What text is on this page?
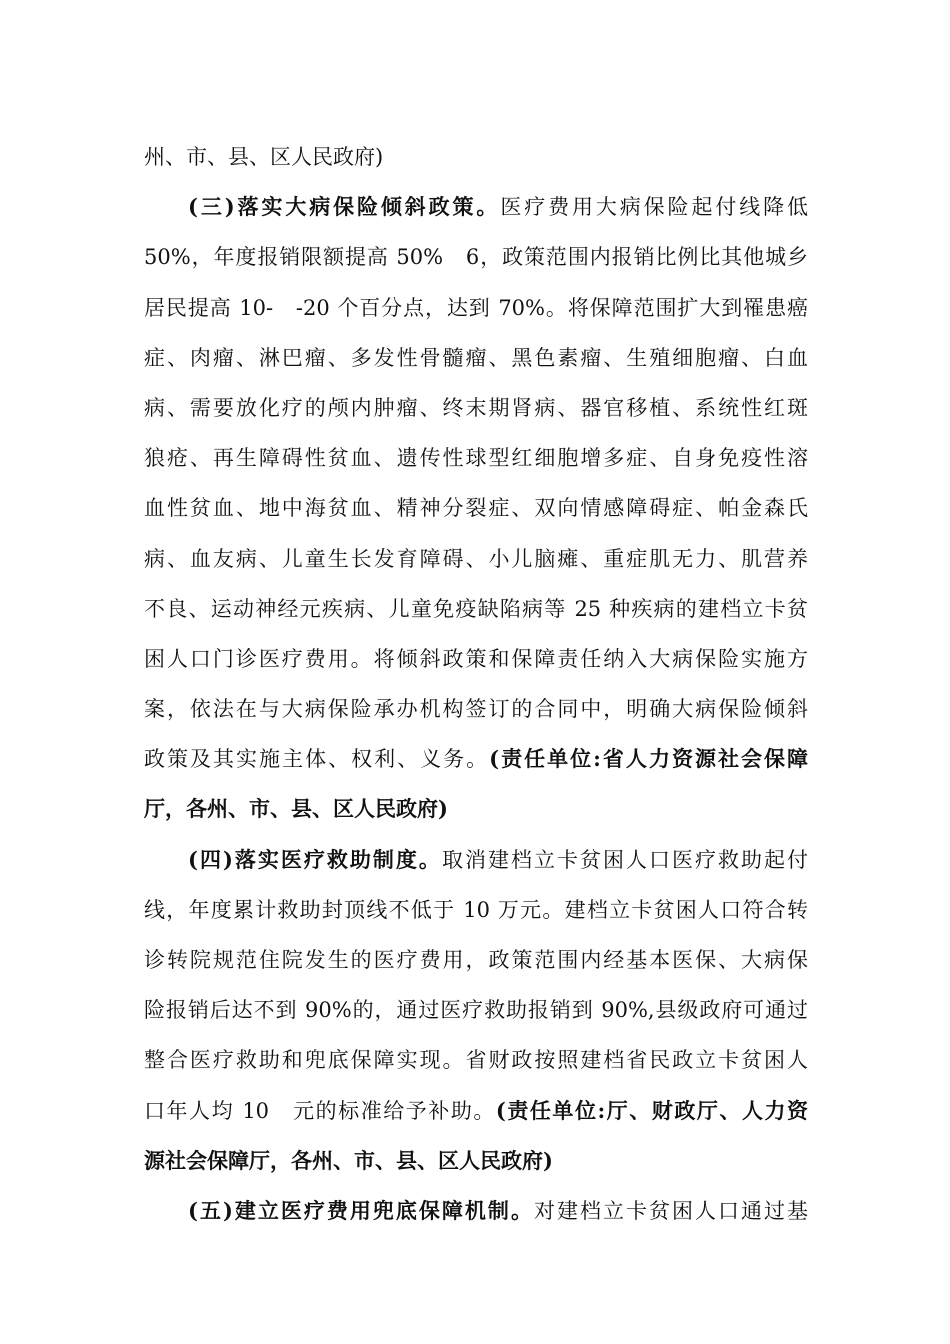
州、市、县、区人民政府)
(三)落实大病保险倾斜政策。医疗费用大病保险起付线降低
50%，年度报销限额提高 50%　6，政策范围内报销比例比其他城乡
居民提高 10-　-20 个百分点，达到 70%。将保障范围扩大到罹患癌
症、肉瘤、淋巴瘤、多发性骨髓瘤、黑色素瘤、生殖细胞瘤、白血
病、需要放化疗的颅内肿瘤、终末期肾病、器官移植、系统性红斑
狼疮、再生障碍性贫血、遗传性球型红细胞增多症、自身免疫性溶
血性贫血、地中海贫血、精神分裂症、双向情感障碍症、帕金森氏
病、血友病、儿童生长发育障碍、小儿脑瘫、重症肌无力、肌营养
不良、运动神经元疾病、儿童免疫缺陷病等 25 种疾病的建档立卡贫
困人口门诊医疗费用。将倾斜政策和保障责任纳入大病保险实施方
案，依法在与大病保险承办机构签订的合同中，明确大病保险倾斜
政策及其实施主体、权利、义务。(责任单位:省人力资源社会保障
厅，各州、市、县、区人民政府)
(四)落实医疗救助制度。取消建档立卡贫困人口医疗救助起付
线，年度累计救助封顶线不低于 10 万元。建档立卡贫困人口符合转
诊转院规范住院发生的医疗费用，政策范围内经基本医保、大病保
险报销后达不到 90%的，通过医疗救助报销到 90%,县级政府可通过
整合医疗救助和兜底保障实现。省财政按照建档省民政立卡贫困人
口年人均 10　元的标准给予补助。(责任单位:厅、财政厅、人力资
源社会保障厅，各州、市、县、区人民政府)
(五)建立医疗费用兜底保障机制。对建档立卡贫困人口通过基
